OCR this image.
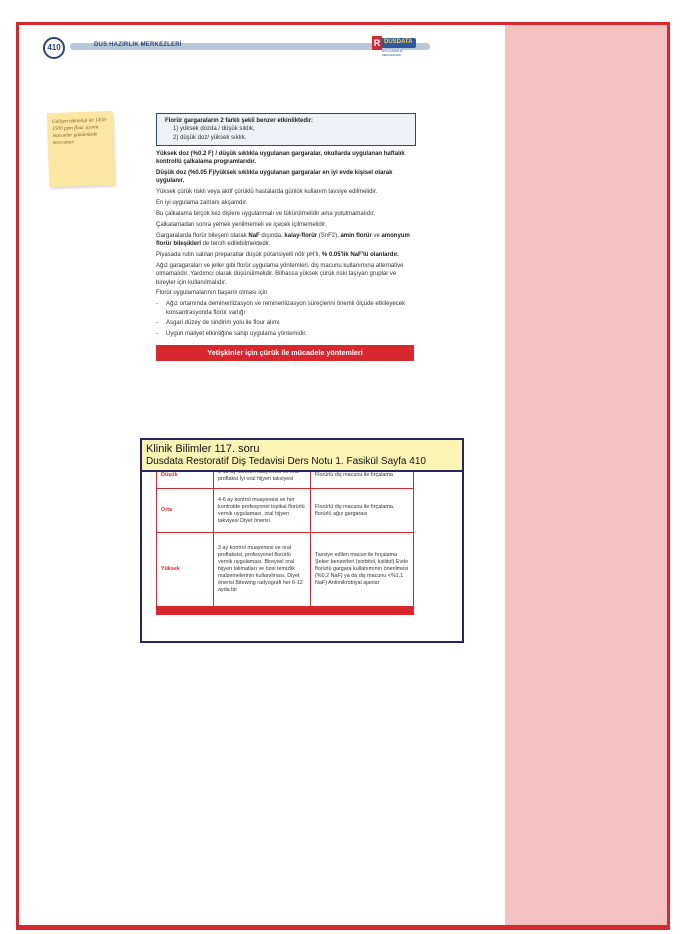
410	DUS HAZIRLIK MERKEZLERİ	R DUSDATA
DUS HAZIRLIK MERKEZLERİ
Gelişen teknoloji ile 1450-1500 ppm flour içeren macunlar günümüzde mevcuttur.
Florür gargaraların 2 farklı şekli benzer etkinliktedir:
1) yüksek dozda / düşük sıklık,
2) düşük doz/ yüksek sıklık.

Yüksek doz (%0.2 F) / düşük sıklıkla uygulanan gargaralar, okullarda uygulanan haftalık kontrollü çalkalama programlarıdır.

Düşük doz (%0.05 F)/yüksek sıklıkla uygulanan gargaralar en iyi evde kişisel olarak uygulanır.

Yüksek çürük riskli veya aktif çürüklü hastalarda günlük kullanım tavsiye edilmelidir.

En iyi uygulama zamanı akşamdır.

Bu çalkalama birçok kez dişlere uygulanmalı ve tükürülmelidir ama yutulmamalıdır.

Çalkalamadan sonra yemek yenilmemeli ve içecek içilmemelidir.

Gargaralarda florür bileşeni olarak NaF dışında, kalay-florür (SnF2), amin florür ve amonyum florür bileşikleri de tercih edilebilmektedir.

Piyasada rutin satılan preparatlar düşük potansiyelli nötr pH'lı, % 0.05'lik NaF'lü olanlardır.

Ağız garagaraları ve jeller gibi florür uygulama yöntemleri, diş macunu kullanımına alternative olmamalıdır. Yardımcı olarak düşünülmelidir. Bilhassa yüksek çürük riski taşıyan gruplar ve bireyler için kullanılmalıdır.

Florür uygulamalarının başarılı olması için

-	Ağız ortamında deminerilizasyon ve reminerilizasyon süreçlerini önemli ölçüde etkileyecek konsantrasyonda florür varlığı
-	Asgari düzey de sindirim yolu ile flour alımı
-	Uygun maliyet etkinliğine sahip uygulama yöntemidir.
Yetişkinler için çürük ile mücadele yöntemleri
Düşük	proflaksi İyi oral hijyen takviyesi	Florürlü diş macunu ile fırçalama
Orta	4-6 ay kontrol muayenesi ve her kontrolde profesyonel topikal florürlü vernik uygulaması, oral hijyen takviyesi Diyet önerisi	Florürlü diş macunu ile fırçalama, florürlü ağız gargarası
Yüksek	3 ay kontrol muayenesi ve oral proflaksisi, profesyonel florürlü vernik uygulaması. Bireysel oral hijyen talimatları ve özel temizlik malzemelerinin kullanılması, Diyet önerisi Bitewing radyografi her 6-12 ayda bir	Tavsiye edilen macun ile fırçalama Şeker benzerleri (sorbitol, ksilitol) Evde florürlü gargara kullanımının önerilmesi (%0,2 NaF) ya da diş macunu <%1,1 NaF) Antimikrobiyal ajanlar
Klinik Bilimler 117. soru
Dusdata Restoratif Diş Tedavisi Ders Notu 1. Fasikül Sayfa 410
